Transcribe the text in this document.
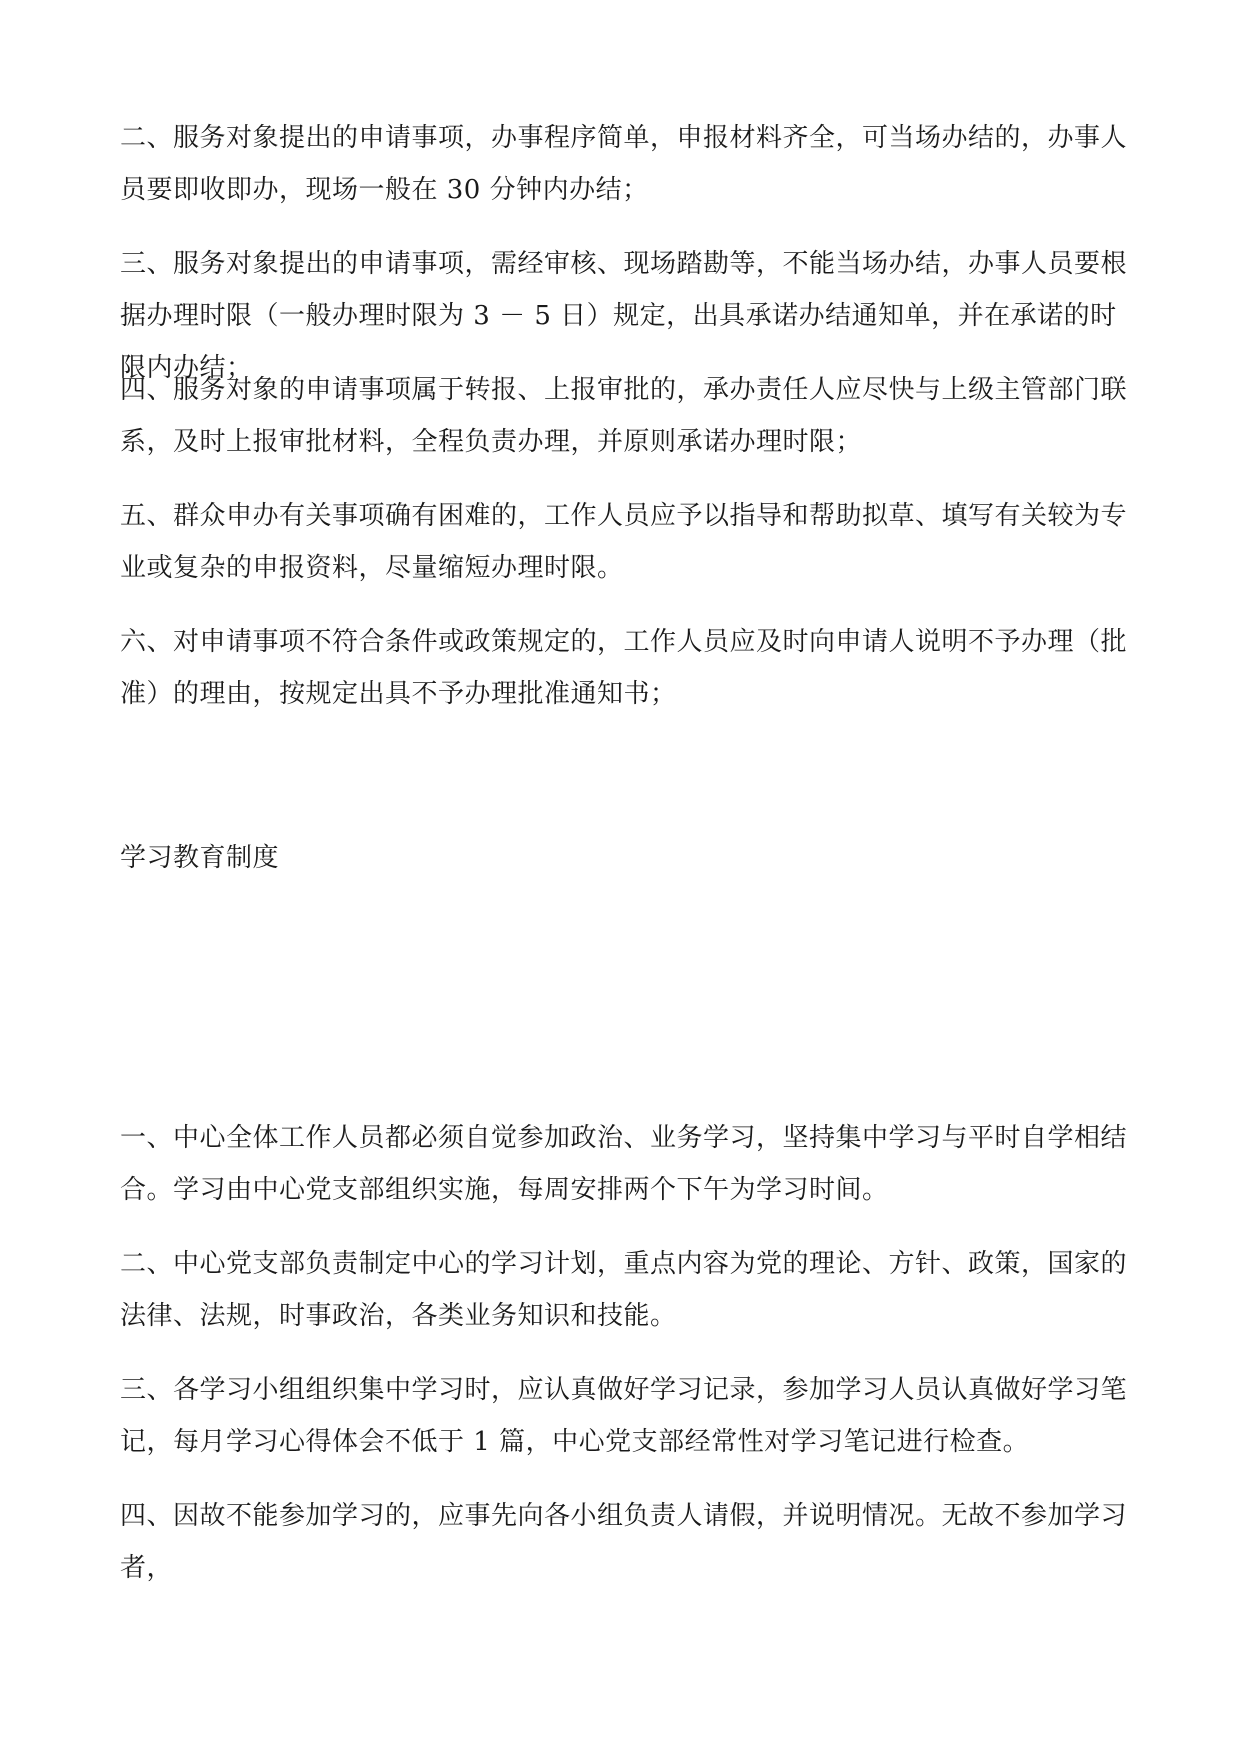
二、服务对象提出的申请事项，办事程序简单，申报材料齐全，可当场办结的，办事人员要即收即办，现场一般在 30 分钟内办结；

三、服务对象提出的申请事项，需经审核、现场踏勘等，不能当场办结，办事人员要根据办理时限（一般办理时限为 3 － 5 日）规定，出具承诺办结通知单，并在承诺的时限内办结；

四、服务对象的申请事项属于转报、上报审批的，承办责任人应尽快与上级主管部门联系，及时上报审批材料，全程负责办理，并原则承诺办理时限；

五、群众申办有关事项确有困难的，工作人员应予以指导和帮助拟草、填写有关较为专业或复杂的申报资料，尽量缩短办理时限。

六、对申请事项不符合条件或政策规定的，工作人员应及时向申请人说明不予办理（批准）的理由，按规定出具不予办理批准通知书；

学习教育制度

一、中心全体工作人员都必须自觉参加政治、业务学习，坚持集中学习与平时自学相结合。学习由中心党支部组织实施，每周安排两个下午为学习时间。

二、中心党支部负责制定中心的学习计划，重点内容为党的理论、方针、政策，国家的法律、法规，时事政治，各类业务知识和技能。

三、各学习小组组织集中学习时，应认真做好学习记录，参加学习人员认真做好学习笔记，每月学习心得体会不低于 1 篇，中心党支部经常性对学习笔记进行检查。

四、因故不能参加学习的，应事先向各小组负责人请假，并说明情况。无故不参加学习者，
